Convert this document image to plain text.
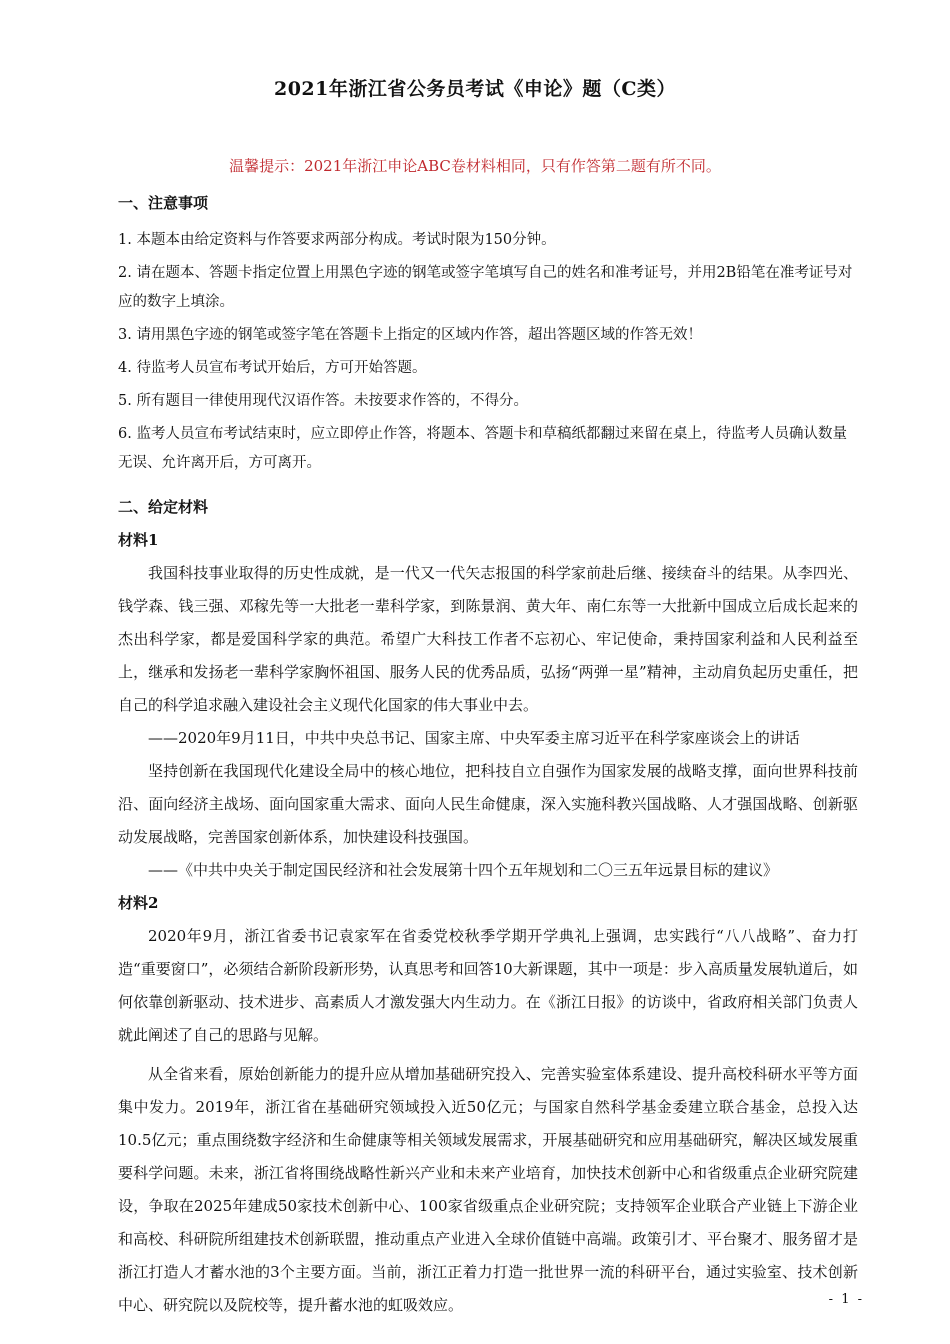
2021年浙江省公务员考试《申论》题（C类）
温馨提示：2021年浙江申论ABC卷材料相同，只有作答第二题有所不同。
一、注意事项

1. 本题本由给定资料与作答要求两部分构成。考试时限为150分钟。

2. 请在题本、答题卡指定位置上用黑色字迹的钢笔或签字笔填写自己的姓名和准考证号，并用2B铅笔在准考证号对应的数字上填涂。

3. 请用黑色字迹的钢笔或签字笔在答题卡上指定的区域内作答，超出答题区域的作答无效！

4. 待监考人员宣布考试开始后，方可开始答题。

5. 所有题目一律使用现代汉语作答。未按要求作答的，不得分。

6. 监考人员宣布考试结束时，应立即停止作答，将题本、答题卡和草稿纸都翻过来留在桌上，待监考人员确认数量无误、允许离开后，方可离开。

二、给定材料
材料1

我国科技事业取得的历史性成就，是一代又一代矢志报国的科学家前赴后继、接续奋斗的结果。从李四光、钱学森、钱三强、邓稼先等一大批老一辈科学家，到陈景润、黄大年、南仁东等一大批新中国成立后成长起来的杰出科学家，都是爱国科学家的典范。希望广大科技工作者不忘初心、牢记使命，秉持国家利益和人民利益至上，继承和发扬老一辈科学家胸怀祖国、服务人民的优秀品质，弘扬“两弹一星”精神，主动肩负起历史重任，把自己的科学追求融入建设社会主义现代化国家的伟大事业中去。

——2020年9月11日，中共中央总书记、国家主席、中央军委主席习近平在科学家座谈会上的讲话

坚持创新在我国现代化建设全局中的核心地位，把科技自立自强作为国家发展的战略支撑，面向世界科技前沿、面向经济主战场、面向国家重大需求、面向人民生命健康，深入实施科教兴国战略、人才强国战略、创新驱动发展战略，完善国家创新体系，加快建设科技强国。

——《中共中央关于制定国民经济和社会发展第十四个五年规划和二〇三五年远景目标的建议》

材料2

2020年9月，浙江省委书记袁家军在省委党校秋季学期开学典礼上强调，忠实践行“八八战略”、奋力打造“重要窗口”，必须结合新阶段新形势，认真思考和回答10大新课题，其中一项是：步入高质量发展轨道后，如何依靠创新驱动、技术进步、高素质人才激发强大内生动力。在《浙江日报》的访谈中，省政府相关部门负责人就此阐述了自己的思路与见解。

从全省来看，原始创新能力的提升应从增加基础研究投入、完善实验室体系建设、提升高校科研水平等方面集中发力。2019年，浙江省在基础研究领域投入近50亿元；与国家自然科学基金委建立联合基金，总投入达10.5亿元；重点围绕数字经济和生命健康等相关领域发展需求，开展基础研究和应用基础研究，解决区域发展重要科学问题。未来，浙江省将围绕战略性新兴产业和未来产业培育，加快技术创新中心和省级重点企业研究院建设，争取在2025年建成50家技术创新中心、100家省级重点企业研究院；支持领军企业联合产业链上下游企业和高校、科研院所组建技术创新联盟，推动重点产业进入全球价值链中高端。政策引才、平台聚才、服务留才是浙江打造人才蓄水池的3个主要方面。当前，浙江正着力打造一批世界一流的科研平台，通过实验室、技术创新中心、研究院以及院校等，提升蓄水池的虹吸效应。	- 1 -
